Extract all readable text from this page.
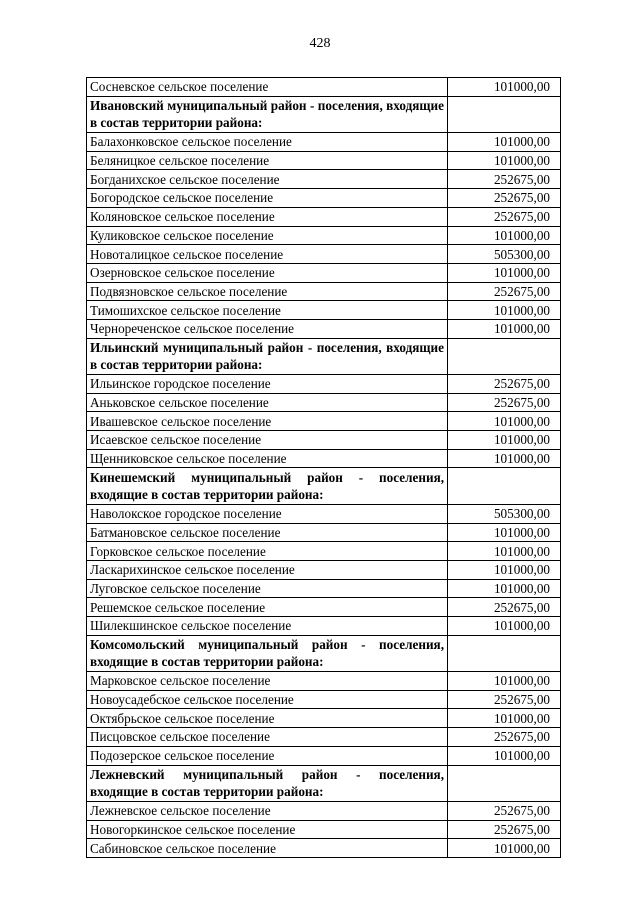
428
Сосневское сельское поселение	101000,00
Ивановский муниципальный район - поселения, входящие в состав территории района:	
Балахонковское сельское поселение	101000,00
Беляницкое сельское поселение	101000,00
Богданихское сельское поселение	252675,00
Богородское сельское поселение	252675,00
Коляновское сельское поселение	252675,00
Куликовское сельское поселение	101000,00
Новоталицкое сельское поселение	505300,00
Озерновское сельское поселение	101000,00
Подвязновское сельское поселение	252675,00
Тимошихское сельское поселение	101000,00
Чернореченское сельское поселение	101000,00
Ильинский муниципальный район - поселения, входящие в состав территории района:	
Ильинское городское поселение	252675,00
Аньковское сельское поселение	252675,00
Ивашевское сельское поселение	101000,00
Исаевское сельское поселение	101000,00
Щенниковское сельское поселение	101000,00
Кинешемский муниципальный район - поселения, входящие в состав территории района:	
Наволокское городское поселение	505300,00
Батмановское сельское поселение	101000,00
Горковское сельское поселение	101000,00
Ласкарихинское сельское поселение	101000,00
Луговское сельское поселение	101000,00
Решемское сельское поселение	252675,00
Шилекшинское сельское поселение	101000,00
Комсомольский муниципальный район - поселения, входящие в состав территории района:	
Марковское сельское поселение	101000,00
Новоусадебское сельское поселение	252675,00
Октябрьское сельское поселение	101000,00
Писцовское сельское поселение	252675,00
Подозерское сельское поселение	101000,00
Лежневский муниципальный район - поселения, входящие в состав территории района:	
Лежневское сельское поселение	252675,00
Новогоркинское сельское поселение	252675,00
Сабиновское сельское поселение	101000,00
